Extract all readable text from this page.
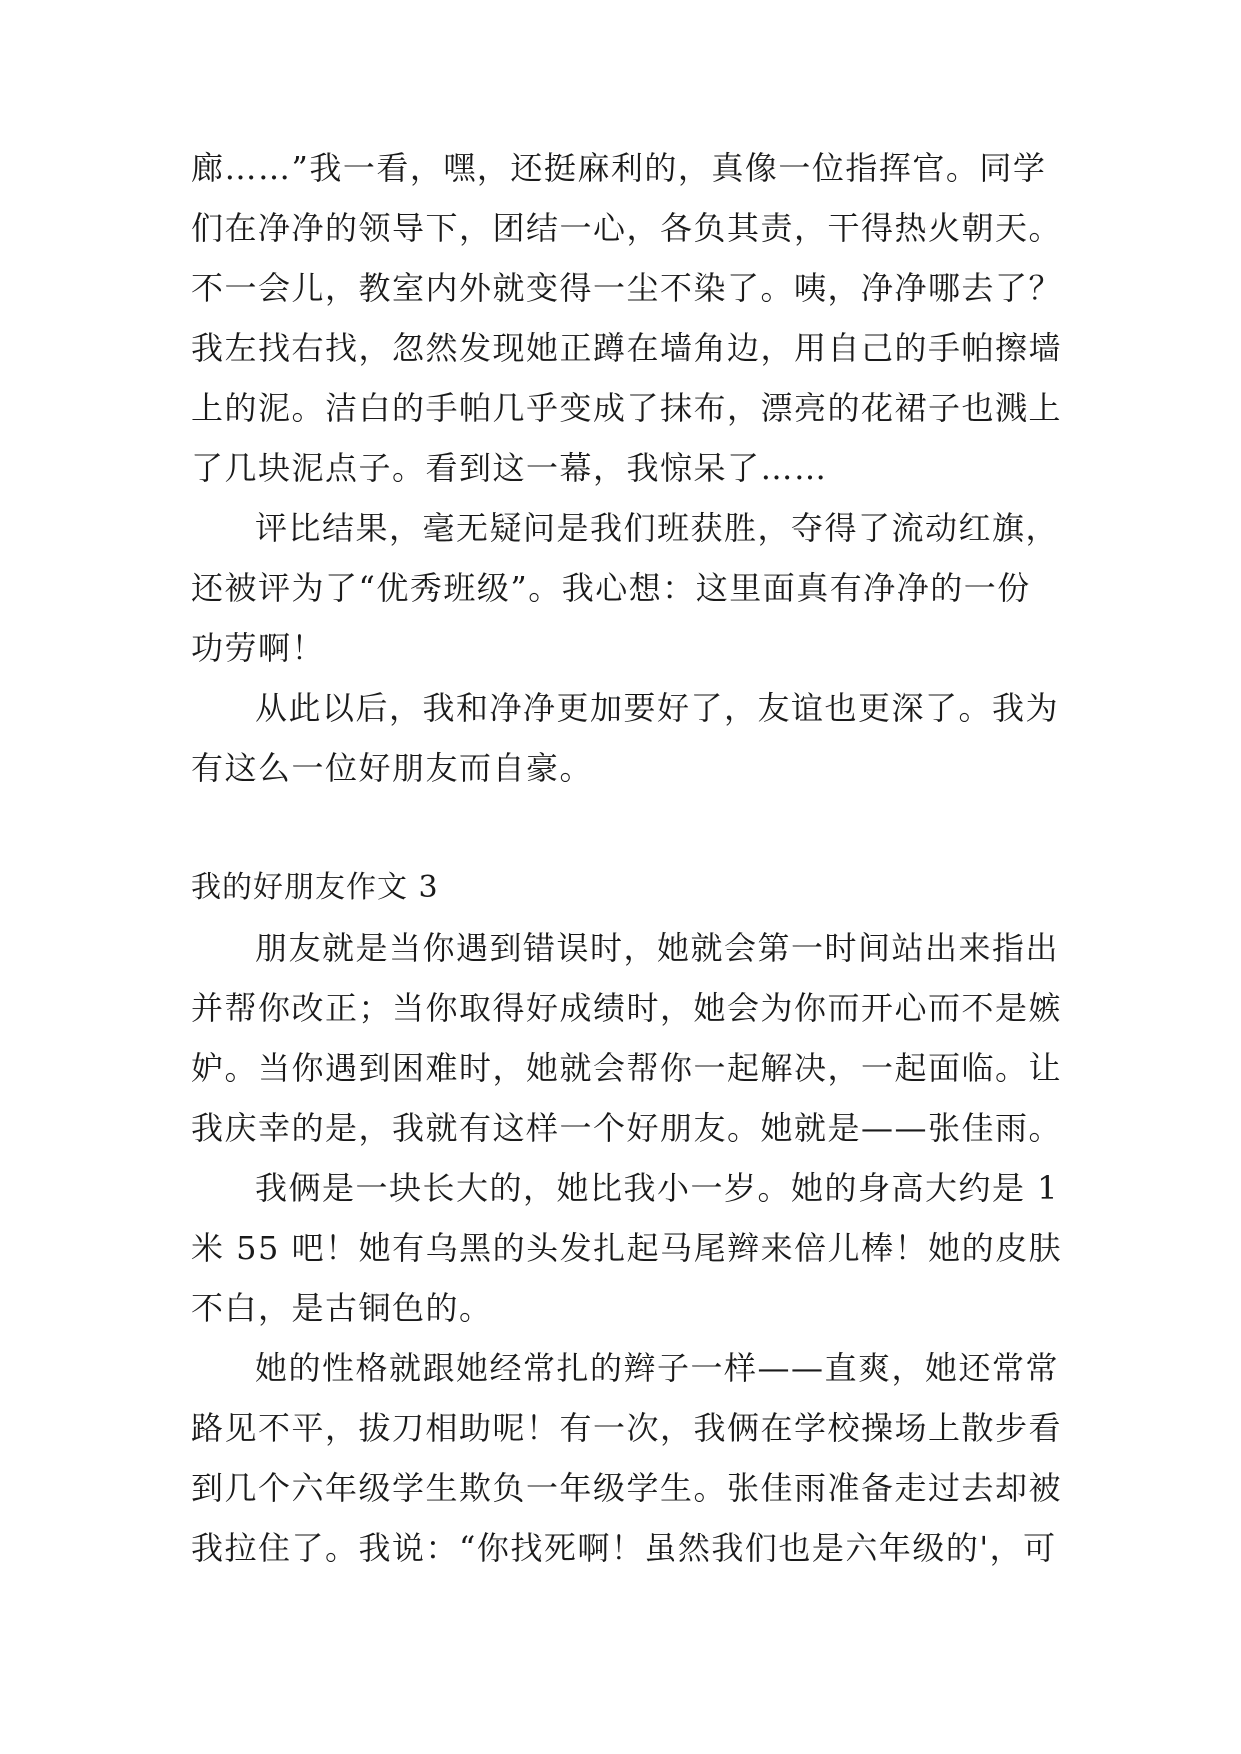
廊……”我一看，嘿，还挺麻利的，真像一位指挥官。同学
们在净净的领导下，团结一心，各负其责，干得热火朝天。
不一会儿，教室内外就变得一尘不染了。咦，净净哪去了？
我左找右找，忽然发现她正蹲在墙角边，用自己的手帕擦墙
上的泥。洁白的手帕几乎变成了抹布，漂亮的花裙子也溅上
了几块泥点子。看到这一幕，我惊呆了……
评比结果，毫无疑问是我们班获胜，夺得了流动红旗，
还被评为了“优秀班级”。我心想：这里面真有净净的一份
功劳啊！
从此以后，我和净净更加要好了，友谊也更深了。我为
有这么一位好朋友而自豪。
我的好朋友作文 3
朋友就是当你遇到错误时，她就会第一时间站出来指出
并帮你改正；当你取得好成绩时，她会为你而开心而不是嫉
妒。当你遇到困难时，她就会帮你一起解决，一起面临。让
我庆幸的是，我就有这样一个好朋友。她就是——张佳雨。
我俩是一块长大的，她比我小一岁。她的身高大约是 1
米 55 吧！她有乌黑的头发扎起马尾辫来倍儿棒！她的皮肤
不白，是古铜色的。
她的性格就跟她经常扎的辫子一样——直爽，她还常常
路见不平，拔刀相助呢！有一次，我俩在学校操场上散步看
到几个六年级学生欺负一年级学生。张佳雨准备走过去却被
我拉住了。我说：“你找死啊！虽然我们也是六年级的'，可
